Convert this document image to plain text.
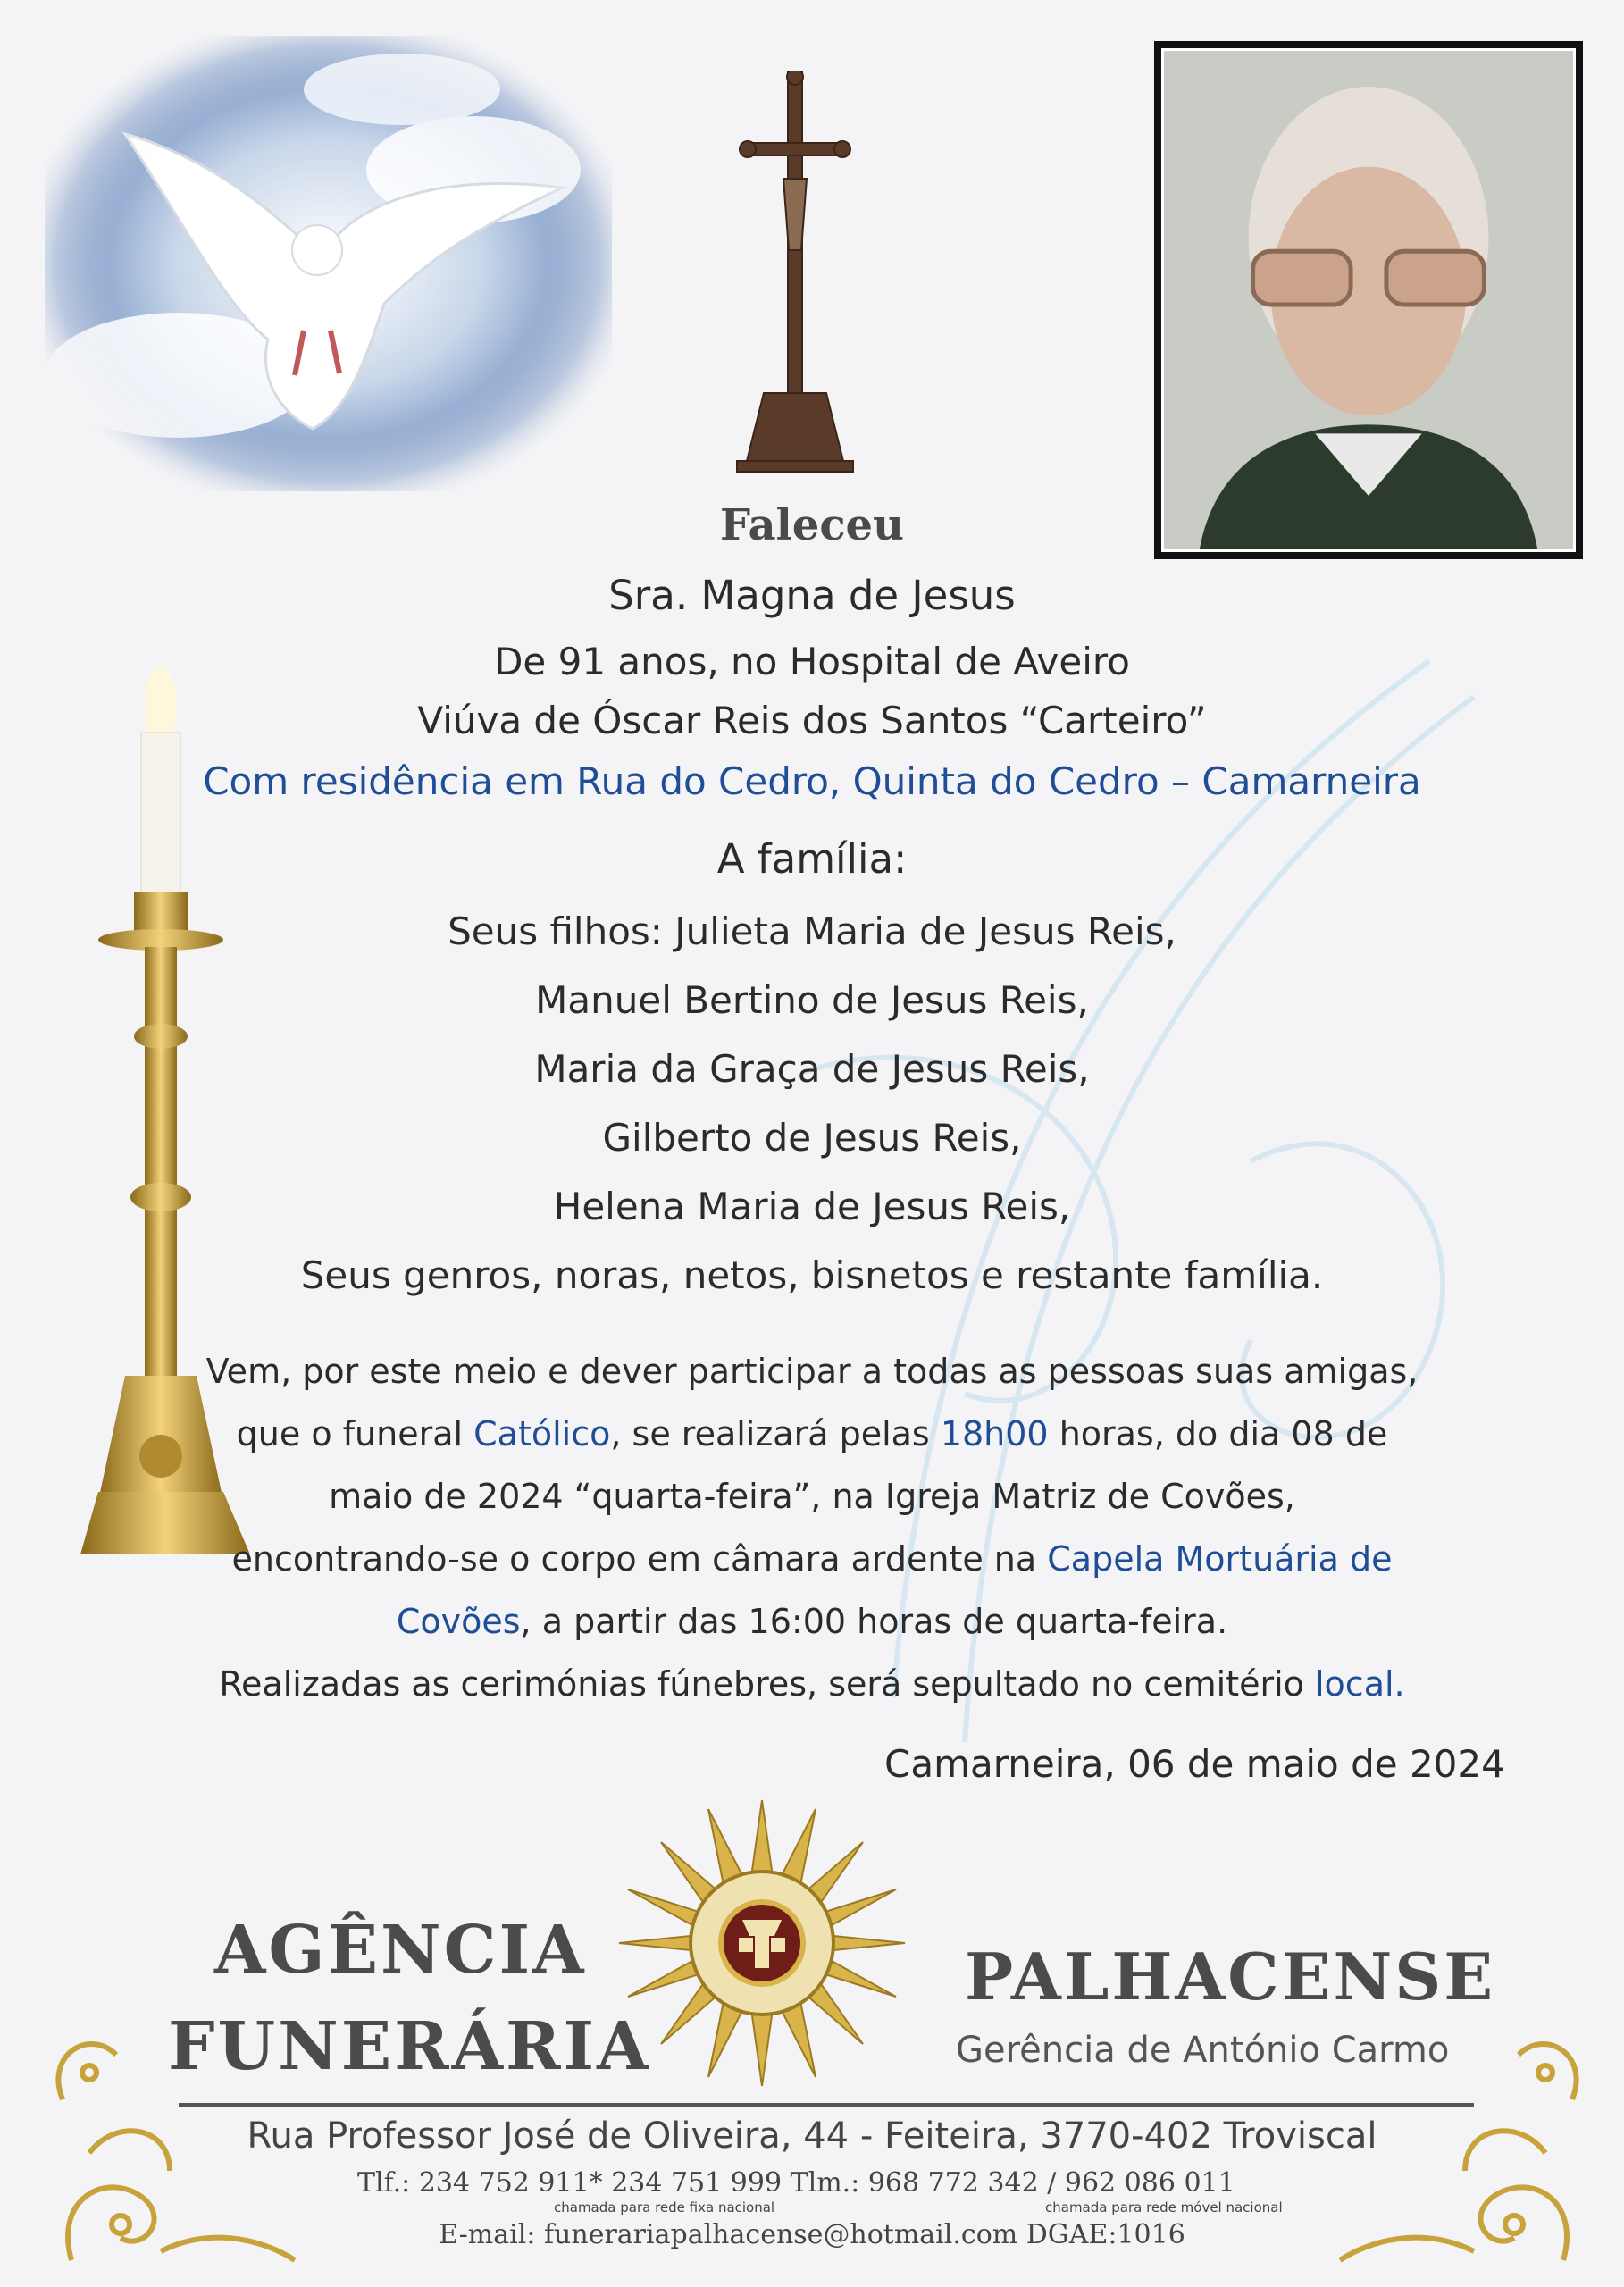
Faleceu
Sra. Magna de Jesus
De 91 anos, no Hospital de Aveiro
Viúva de Óscar Reis dos Santos “Carteiro”
Com residência em Rua do Cedro, Quinta do Cedro – Camarneira
A família:
Seus filhos: Julieta Maria de Jesus Reis,
Manuel Bertino de Jesus Reis,
Maria da Graça de Jesus Reis,
Gilberto de Jesus Reis,
Helena Maria de Jesus Reis,
Seus genros, noras, netos, bisnetos e restante família.
Vem, por este meio e dever participar a todas as pessoas suas amigas,
que o funeral Católico, se realizará pelas 18h00 horas, do dia 08 de
maio de 2024 “quarta-feira”, na Igreja Matriz de Covões,
encontrando-se o corpo em câmara ardente na Capela Mortuária de
Covões, a partir das 16:00 horas de quarta-feira.
Realizadas as cerimónias fúnebres, será sepultado no cemitério local.
Camarneira, 06 de maio de 2024
AGÊNCIA
FUNERÁRIA
PALHACENSE
Gerência de António Carmo
Rua Professor José de Oliveira, 44 - Feiteira, 3770-402 Troviscal
Tlf.: 234 752 911* 234 751 999 Tlm.: 968 772 342 / 962 086 011
chamada para rede fixa nacional	chamada para rede móvel nacional
E-mail: funerariapalhacense@hotmail.com DGAE:1016
